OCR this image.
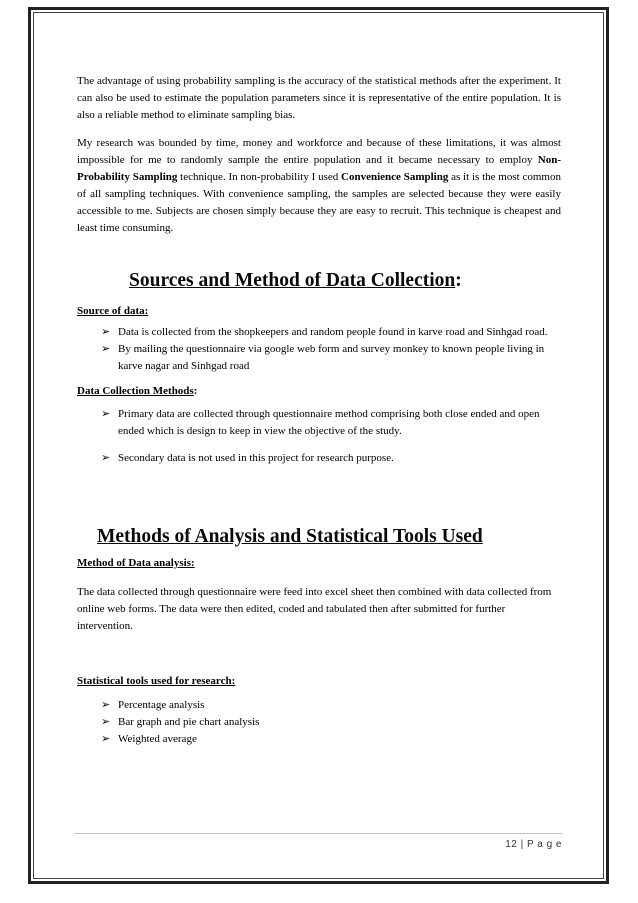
The advantage of using probability sampling is the accuracy of the statistical methods after the experiment. It can also be used to estimate the population parameters since it is representative of the entire population. It is also a reliable method to eliminate sampling bias.

My research was bounded by time, money and workforce and because of these limitations, it was almost impossible for me to randomly sample the entire population and it became necessary to employ Non-Probability Sampling technique. In non-probability I used Convenience Sampling as it is the most common of all sampling techniques. With convenience sampling, the samples are selected because they were easily accessible to me. Subjects are chosen simply because they are easy to recruit. This technique is cheapest and least time consuming.

Sources and Method of Data Collection:
Source of data:
➢ Data is collected from the shopkeepers and random people found in karve road and Sinhgad road.
➢ By mailing the questionnaire via google web form and survey monkey to known people living in karve nagar and Sinhgad road
Data Collection Methods:
➢ Primary data are collected through questionnaire method comprising both close ended and open ended which is design to keep in view the objective of the study.
➢ Secondary data is not used in this project for research purpose.
Methods of Analysis and Statistical Tools Used
Method of Data analysis:

The data collected through questionnaire were feed into excel sheet then combined with data collected from online web forms. The data were then edited, coded and tabulated then after submitted for further intervention.

Statistical tools used for research:
➢ Percentage analysis
➢ Bar graph and pie chart analysis
➢ Weighted average
12 | P a g e
